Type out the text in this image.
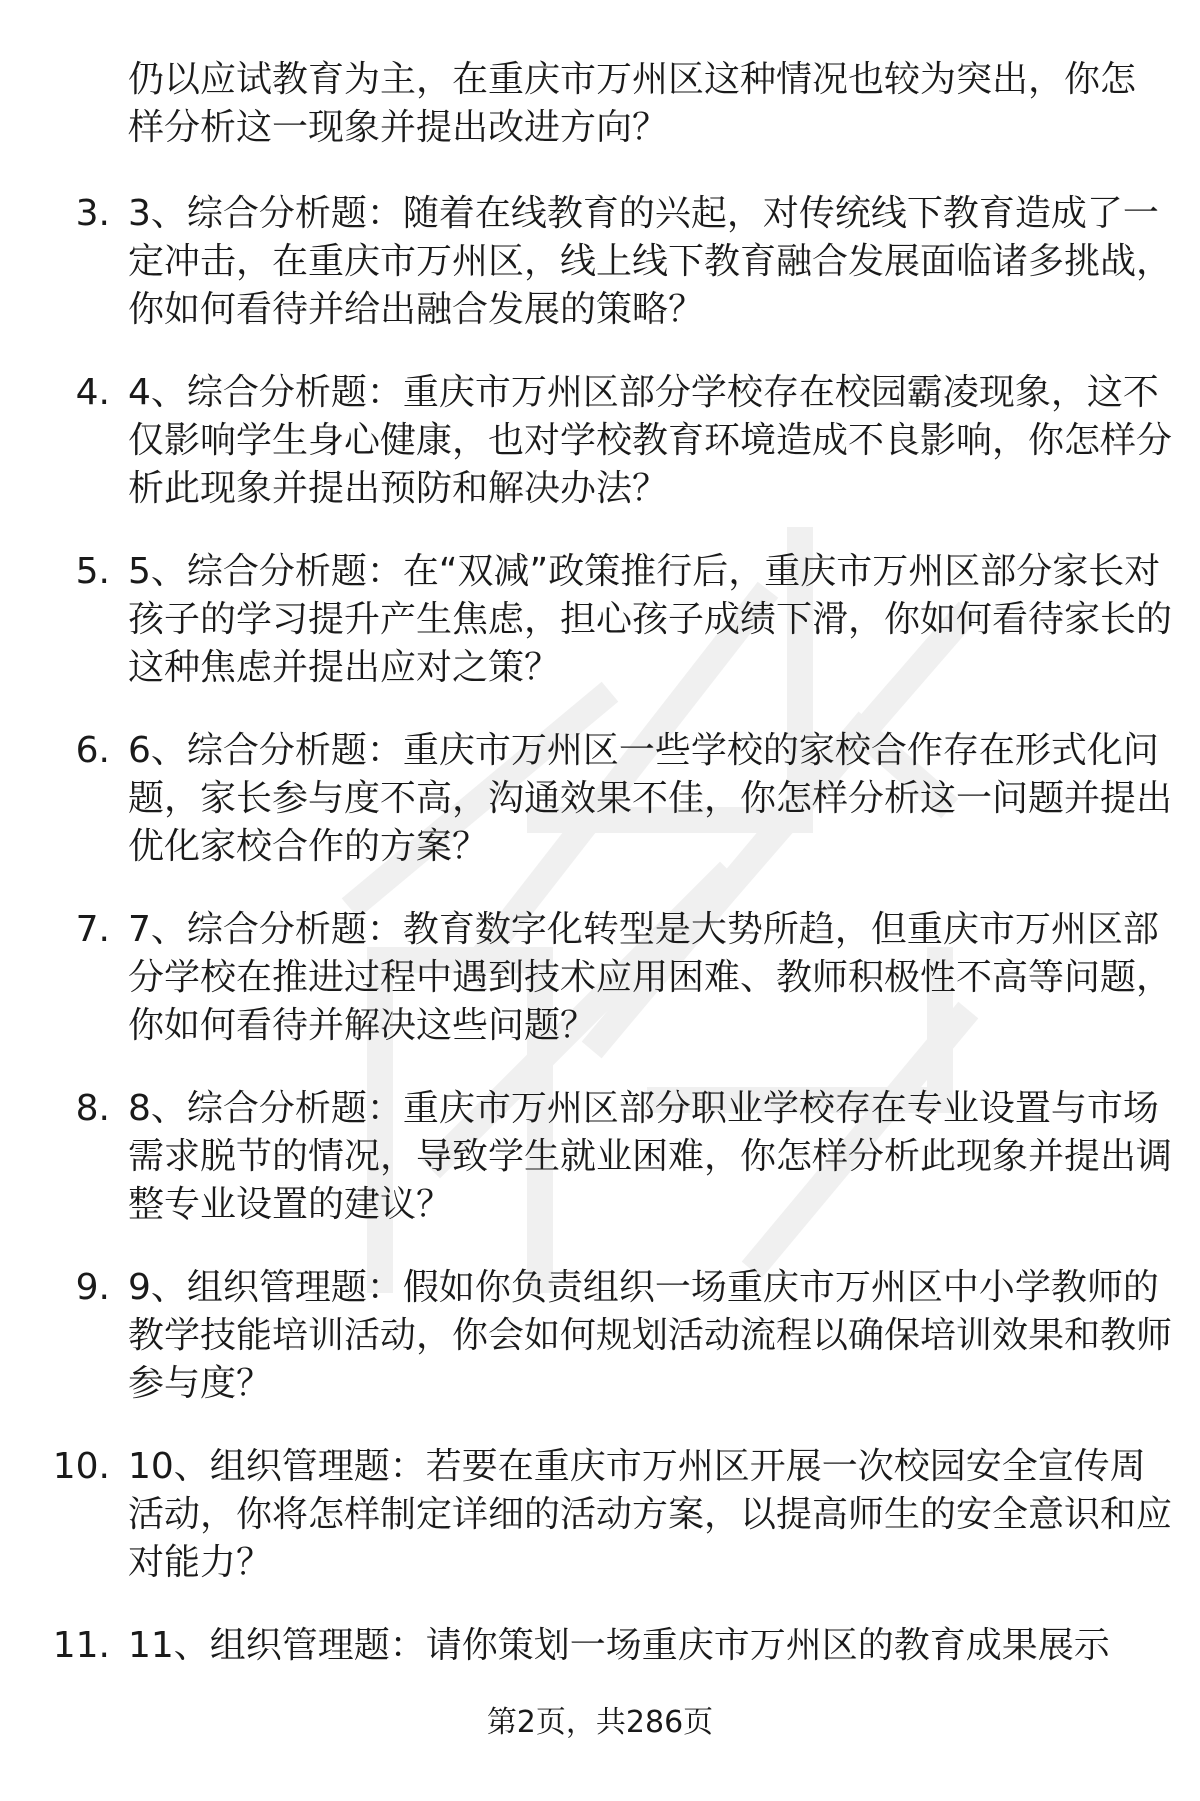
仍以应试教育为主，在重庆市万州区这种情况也较为突出，你怎样分析这一现象并提出改进方向？

3. 3、综合分析题：随着在线教育的兴起，对传统线下教育造成了一定冲击，在重庆市万州区，线上线下教育融合发展面临诸多挑战，你如何看待并给出融合发展的策略？
4. 4、综合分析题：重庆市万州区部分学校存在校园霸凌现象，这不仅影响学生身心健康，也对学校教育环境造成不良影响，你怎样分析此现象并提出预防和解决办法？
5. 5、综合分析题：在“双减”政策推行后，重庆市万州区部分家长对孩子的学习提升产生焦虑，担心孩子成绩下滑，你如何看待家长的这种焦虑并提出应对之策？
6. 6、综合分析题：重庆市万州区一些学校的家校合作存在形式化问题，家长参与度不高，沟通效果不佳，你怎样分析这一问题并提出优化家校合作的方案？
7. 7、综合分析题：教育数字化转型是大势所趋，但重庆市万州区部分学校在推进过程中遇到技术应用困难、教师积极性不高等问题，你如何看待并解决这些问题？
8. 8、综合分析题：重庆市万州区部分职业学校存在专业设置与市场需求脱节的情况，导致学生就业困难，你怎样分析此现象并提出调整专业设置的建议？
9. 9、组织管理题：假如你负责组织一场重庆市万州区中小学教师的教学技能培训活动，你会如何规划活动流程以确保培训效果和教师参与度？
10. 10、组织管理题：若要在重庆市万州区开展一次校园安全宣传周活动，你将怎样制定详细的活动方案，以提高师生的安全意识和应对能力？
11. 11、组织管理题：请你策划一场重庆市万州区的教育成果展示
第2页，共286页
